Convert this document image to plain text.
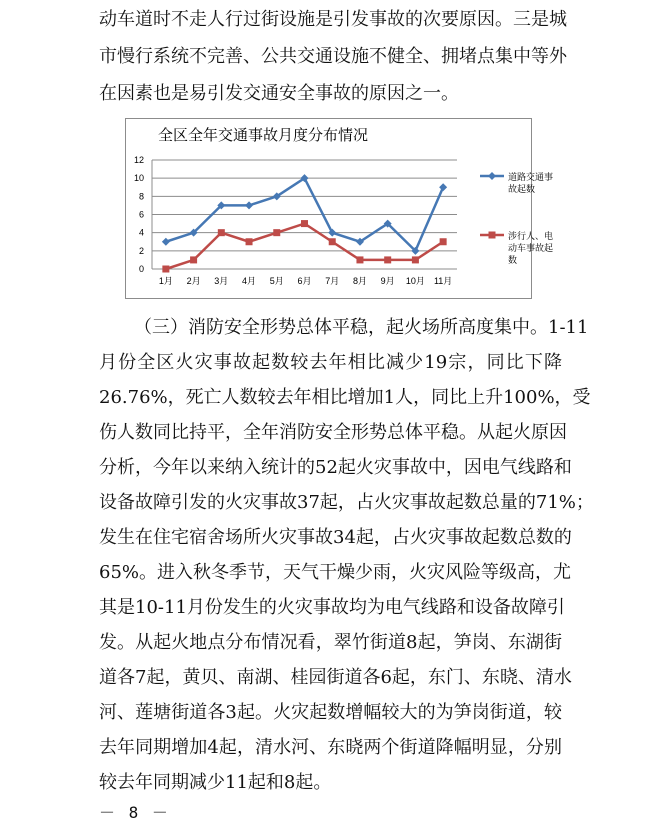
动车道时不走人行过街设施是引发事故的次要原因。三是城
市慢行系统不完善、公共交通设施不健全、拥堵点集中等外
在因素也是易引发交通安全事故的原因之一。
全区全年交通事故月度分布情况
0
2
4
6
8
10
12
1月 2月 3月 4月 5月 6月 7月 8月 9月 10月 11月
道路交通事
故起数
涉行人、电
动车事故起
数
（三）消防安全形势总体平稳，起火场所高度集中。1-11
月份全区火灾事故起数较去年相比减少19宗，同比下降
26.76%，死亡人数较去年相比增加1人，同比上升100%，受
伤人数同比持平，全年消防安全形势总体平稳。从起火原因
分析，今年以来纳入统计的52起火灾事故中，因电气线路和
设备故障引发的火灾事故37起，占火灾事故起数总量的71%；
发生在住宅宿舍场所火灾事故34起，占火灾事故起数总数的
65%。进入秋冬季节，天气干燥少雨，火灾风险等级高，尤
其是10-11月份发生的火灾事故均为电气线路和设备故障引
发。从起火地点分布情况看，翠竹街道8起，笋岗、东湖街
道各7起，黄贝、南湖、桂园街道各6起，东门、东晓、清水
河、莲塘街道各3起。火灾起数增幅较大的为笋岗街道，较
去年同期增加4起，清水河、东晓两个街道降幅明显，分别
较去年同期减少11起和8起。
－ 8 －
